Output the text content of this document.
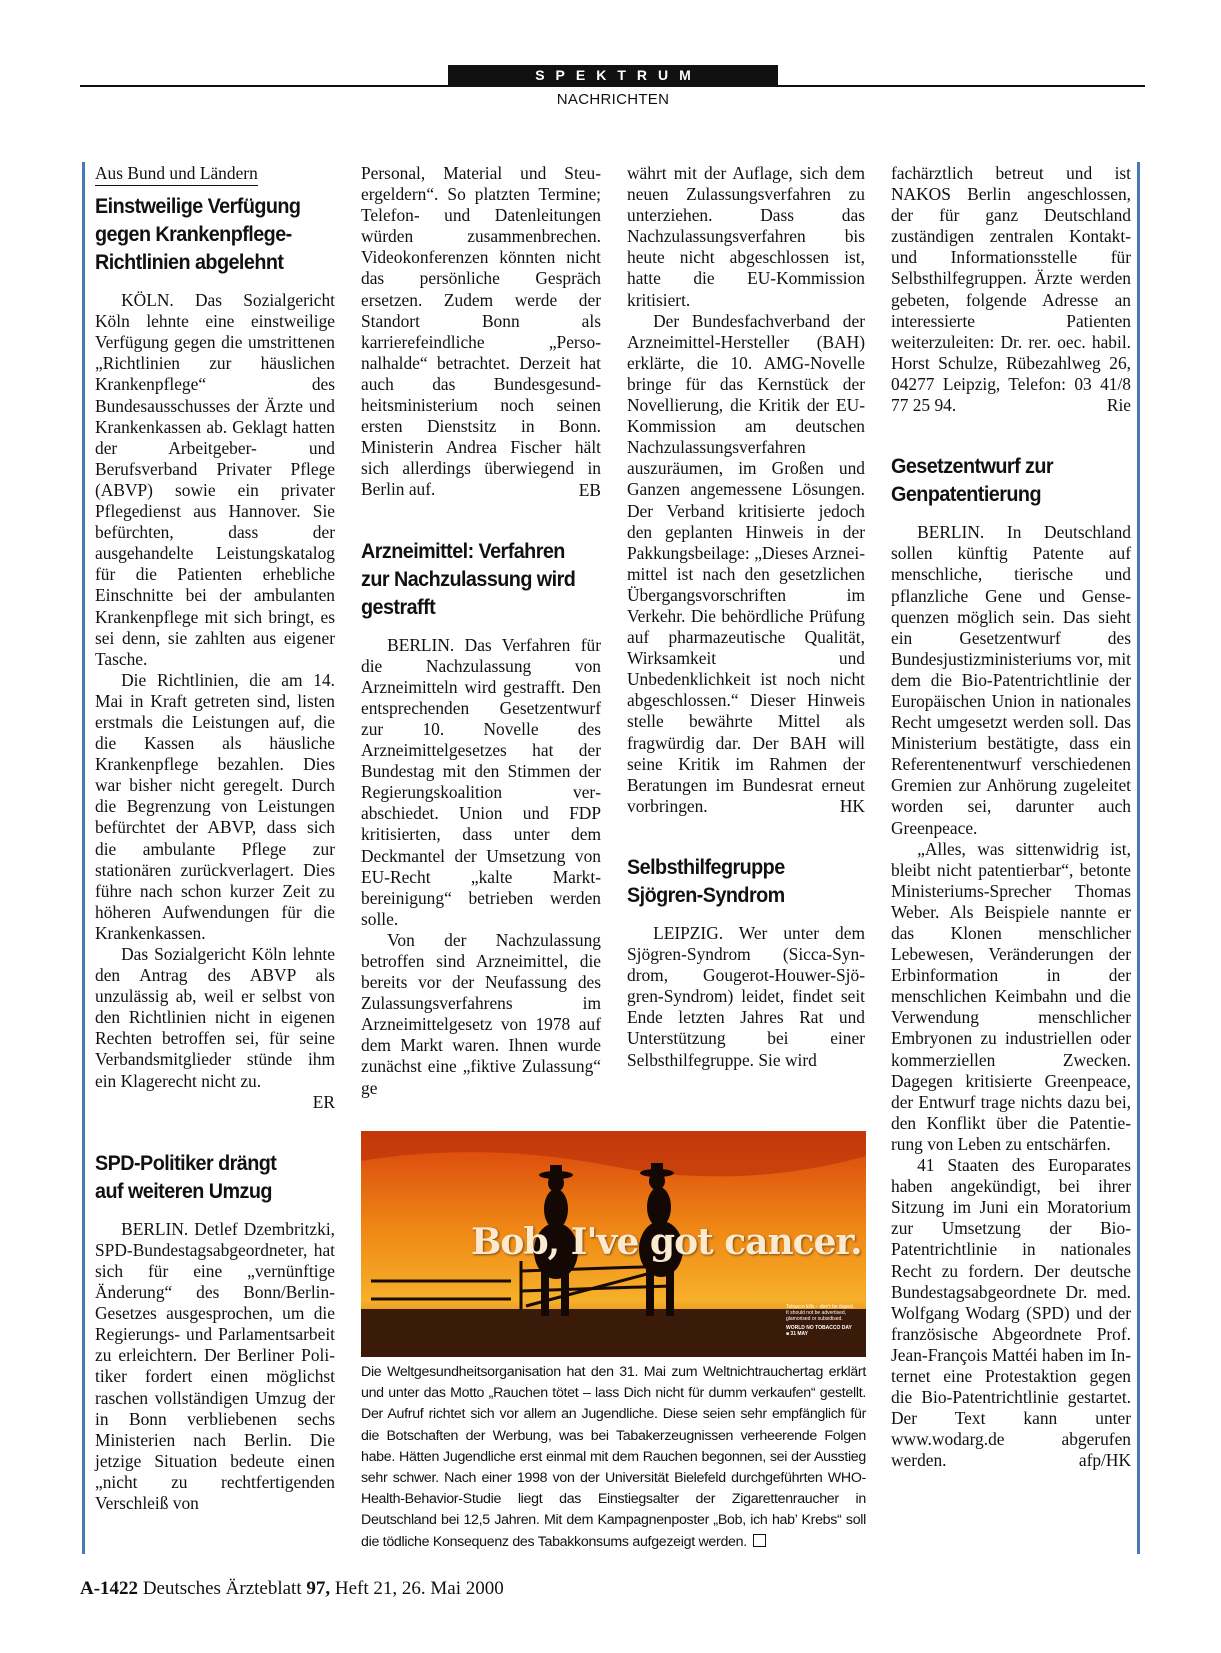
SPEKTRUM
NACHRICHTEN
Aus Bund und Ländern
Einstweilige Verfügung
gegen Krankenpflege-
Richtlinien abgelehnt

KÖLN. Das Sozialgericht Köln lehnte eine einstweilige Verfügung gegen die umstrittenen „Richtlinien zur häuslichen Krankenpflege“ des Bundesausschusses der Ärzte und Krankenkassen ab. Geklagt hatten der Arbeitgeber- und Berufsverband Privater Pflege (ABVP) sowie ein privater Pflegedienst aus Hannover. Sie befürchten, dass der ausgehandelte Leistungskatalog für die Patienten erhebliche Einschnitte bei der ambulanten Krankenpflege mit sich bringt, es sei denn, sie zahlten aus eigener Tasche.

Die Richtlinien, die am 14. Mai in Kraft getreten sind, listen erstmals die Leistungen auf, die die Kassen als häusliche Krankenpflege bezahlen. Dies war bisher nicht geregelt. Durch die Begrenzung von Leistungen befürchtet der ABVP, dass sich die ambulante Pflege zur stationären zurückverlagert. Dies führe nach schon kurzer Zeit zu höheren Aufwendungen für die Krankenkassen.

Das Sozialgericht Köln lehnte den Antrag des ABVP als unzulässig ab, weil er selbst von den Richtlinien nicht in eigenen Rechten betroffen sei, für seine Verbandsmitglieder stünde ihm ein Klagerecht nicht zu.

ER

SPD-Politiker drängt
auf weiteren Umzug

BERLIN. Detlef Dzembritzki, SPD-Bundestagsabgeordneter, hat sich für eine „vernünftige Änderung“ des Bonn/Berlin-Gesetzes ausgesprochen, um die Regierungs- und Parlamentsarbeit zu erleichtern. Der Berliner Politiker fordert einen möglichst raschen vollständigen Umzug der in Bonn verbliebenen sechs Ministerien nach Berlin. Die jetzige Situation bedeute einen „nicht zu rechtfertigenden Verschleiß von

Personal, Material und Steuergeldern“. So platzten Termine; Telefon- und Datenleitungen würden zusammenbrechen. Videokonferenzen könnten nicht das persönliche Gespräch ersetzen. Zudem werde der Standort Bonn als karrierefeindliche „Personalhalde“ betrachtet. Derzeit hat auch das Bundesgesundheitsministerium noch seinen ersten Dienstsitz in Bonn. Ministerin Andrea Fischer hält sich allerdings überwiegend in Berlin auf.	EB

Arzneimittel: Verfahren
zur Nachzulassung wird
gestrafft

BERLIN. Das Verfahren für die Nachzulassung von Arzneimitteln wird gestrafft. Den entsprechenden Gesetzentwurf zur 10. Novelle des Arzneimittelgesetzes hat der Bundestag mit den Stimmen der Regierungskoalition verabschiedet. Union und FDP kritisierten, dass unter dem Deckmantel der Umsetzung von EU-Recht „kalte Marktbereinigung“ betrieben werden solle.

Von der Nachzulassung betroffen sind Arzneimittel, die bereits vor der Neufassung des Zulassungsverfahrens im Arzneimittelgesetz von 1978 auf dem Markt waren. Ihnen wurde zunächst eine „fiktive Zulassung“ ge

währt mit der Auflage, sich dem neuen Zulassungsverfahren zu unterziehen. Dass das Nachzulassungsverfahren bis heute nicht abgeschlossen ist, hatte die EU-Kommission kritisiert.

Der Bundesfachverband der Arzneimittel-Hersteller (BAH) erklärte, die 10. AMG-Novelle bringe für das Kernstück der Novellierung, die Kritik der EU-Kommission am deutschen Nachzulassungsverfahren auszuräumen, im Großen und Ganzen angemessene Lösungen. Der Verband kritisierte jedoch den geplanten Hinweis in der Pakkungsbeilage: „Dieses Arzneimittel ist nach den gesetzlichen Übergangsvorschriften im Verkehr. Die behördliche Prüfung auf pharmazeutische Qualität, Wirksamkeit und Unbedenklichkeit ist noch nicht abgeschlossen.“ Dieser Hinweis stelle bewährte Mittel als fragwürdig dar. Der BAH will seine Kritik im Rahmen der Beratungen im Bundesrat erneut vorbringen.	HK

Selbsthilfegruppe
Sjögren-Syndrom

LEIPZIG. Wer unter dem Sjögren-Syndrom (Sicca-Syndrom, Gougerot-Houwer-Sjögren-Syndrom) leidet, findet seit Ende letzten Jahres Rat und Unterstützung bei einer Selbsthilfegruppe. Sie wird

fachärztlich betreut und ist NAKOS Berlin angeschlossen, der für ganz Deutschland zuständigen zentralen Kontakt- und Informationsstelle für Selbsthilfegruppen. Ärzte werden gebeten, folgende Adresse an interessierte Patienten weiterzuleiten: Dr. rer. oec. habil. Horst Schulze, Rübezahlweg 26, 04277 Leipzig, Telefon: 03 41/8 77 25 94.	Rie

Gesetzentwurf zur
Genpatentierung

BERLIN. In Deutschland sollen künftig Patente auf menschliche, tierische und pflanzliche Gene und Gensequenzen möglich sein. Das sieht ein Gesetzentwurf des Bundesjustizministeriums vor, mit dem die Bio-Patentrichtlinie der Europäischen Union in nationales Recht umgesetzt werden soll. Das Ministerium bestätigte, dass ein Referentenentwurf verschiedenen Gremien zur Anhörung zugeleitet worden sei, darunter auch Greenpeace.

„Alles, was sittenwidrig ist, bleibt nicht patentierbar“, betonte Ministeriums-Sprecher Thomas Weber. Als Beispiele nannte er das Klonen menschlicher Lebewesen, Veränderungen der Erbinformation in der menschlichen Keimbahn und die Verwendung menschlicher Embryonen zu industriellen oder kommerziellen Zwecken. Dagegen kritisierte Greenpeace, der Entwurf trage nichts dazu bei, den Konflikt über die Patentierung von Leben zu entschärfen.

41 Staaten des Europarates haben angekündigt, bei ihrer Sitzung im Juni ein Moratorium zur Umsetzung der Bio-Patentrichtlinie in nationales Recht zu fordern. Der deutsche Bundestagsabgeordnete Dr. med. Wolfgang Wodarg (SPD) und der französische Abgeordnete Prof. Jean-François Mattéi haben im Internet eine Protestaktion gegen die Bio-Patentrichtlinie gestartet. Der Text kann unter www.wodarg.de abgerufen werden.	afp/HK

Bob, I've got cancer.
Tobacco kills – don't be duped. It should not be advertised, glamorised or subsidised.
WORLD NO TOBACCO DAY ■ 31 MAY
Die Weltgesundheitsorganisation hat den 31. Mai zum Weltnichtrauchertag erklärt und unter das Motto „Rauchen tötet – lass Dich nicht für dumm verkaufen“ gestellt. Der Aufruf richtet sich vor allem an Jugendliche. Diese seien sehr empfänglich für die Botschaften der Werbung, was bei Tabakerzeugnissen verheerende Folgen habe. Hätten Jugendliche erst einmal mit dem Rauchen begonnen, sei der Ausstieg sehr schwer. Nach einer 1998 von der Universität Bielefeld durchgeführten WHO-Health-Behavior-Studie liegt das Einstiegsalter der Zigarettenraucher in Deutschland bei 12,5 Jahren. Mit dem Kampagnenposter „Bob, ich hab’ Krebs“ soll die tödliche Konsequenz des Tabakkonsums aufgezeigt werden.
A-1422 Deutsches Ärzteblatt 97, Heft 21, 26. Mai 2000
